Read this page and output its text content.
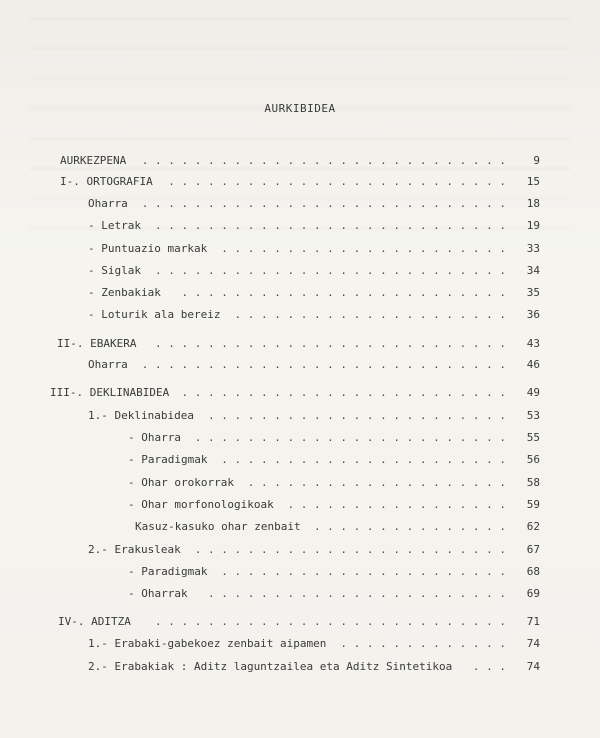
AURKIBIDEA
. . . . . . . . . . . . . . . . . . . . . . . . . . . .
AURKEZPENA	9
. . . . . . . . . . . . . . . . . . . . . . . . . .
I-. ORTOGRAFIA	15
. . . . . . . . . . . . . . . . . . . . . . . . . . . .
Oharra	18
. . . . . . . . . . . . . . . . . . . . . . . . . . .
- Letrak	19
. . . . . . . . . . . . . . . . . . . . . .
- Puntuazio markak	33
. . . . . . . . . . . . . . . . . . . . . . . . . . .
- Siglak	34
. . . . . . . . . . . . . . . . . . . . . . . . .
- Zenbakiak	35
. . . . . . . . . . . . . . . . . . . . .
- Loturik ala bereiz	36
. . . . . . . . . . . . . . . . . . . . . . . . . . .
II-. EBAKERA	43
. . . . . . . . . . . . . . . . . . . . . . . . . . . .
Oharra	46
. . . . . . . . . . . . . . . . . . . . . . . . .
III-. DEKLINABIDEA	49
. . . . . . . . . . . . . . . . . . . . . . .
1.- Deklinabidea	53
. . . . . . . . . . . . . . . . . . . . . . . .
- Oharra	55
. . . . . . . . . . . . . . . . . . . . . .
- Paradigmak	56
. . . . . . . . . . . . . . . . . . . .
- Ohar orokorrak	58
. . . . . . . . . . . . . . . . .
- Ohar morfonologikoak	59
. . . . . . . . . . . . . . .
Kasuz-kasuko ohar zenbait	62
. . . . . . . . . . . . . . . . . . . . . . . .
2.- Erakusleak	67
. . . . . . . . . . . . . . . . . . . . . .
- Paradigmak	68
. . . . . . . . . . . . . . . . . . . . . . .
- Oharrak	69
. . . . . . . . . . . . . . . . . . . . . . . . . . .
IV-. ADITZA	71
. . . . . . . . . . . . .
1.- Erabaki-gabekoez zenbait aipamen	74
. . .
2.- Erabakiak : Aditz laguntzailea eta Aditz Sintetikoa	74
